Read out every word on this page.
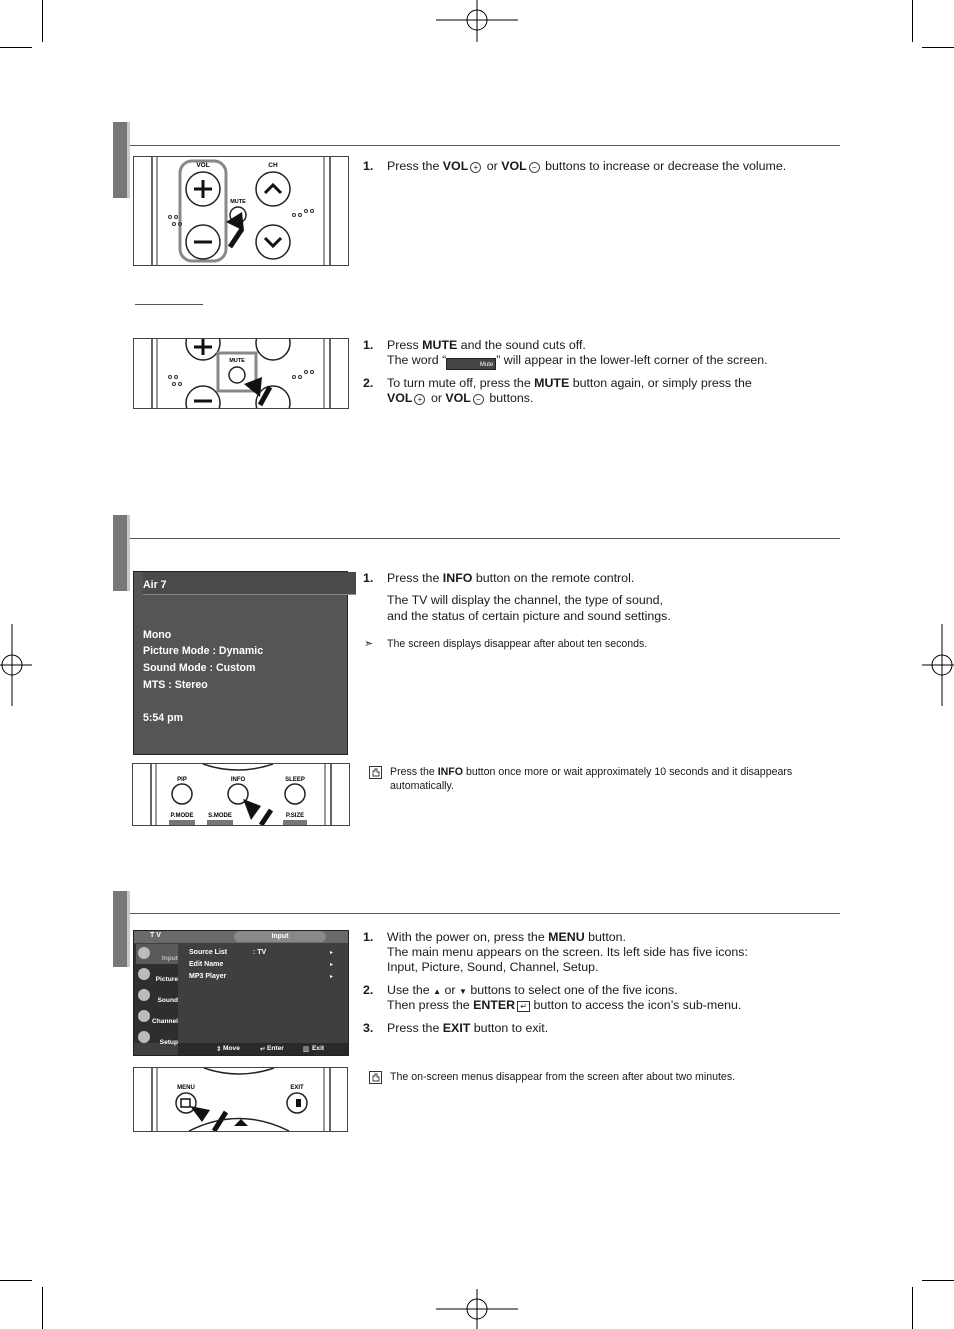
VOL	CH
MUTE
1. Press the VOL + or VOL − buttons to increase or decrease the volume.
MUTE
1. Press MUTE and the sound cuts off.
The word “	Mute ” will appear in the lower-left corner of the screen.
2. To turn mute off, press the MUTE button again, or simply press the
VOL + or VOL − buttons.
Air 7
Mono
Picture Mode : Dynamic
Sound Mode : Custom
MTS : Stereo
5:54 pm
PIP	INFO	SLEEP
P.MODE S.MODE	P.SIZE
1. Press the INFO button on the remote control.
The TV will display the channel, the type of sound,
and the status of certain picture and sound settings.
➣ The screen displays disappear after about ten seconds.
Press the INFO button once more or wait approximately 10 seconds and it disappears
automatically.
T V	Input
Input
Picture
Sound
Channel
Setup
Source List	: TV
Edit Name
MP3 Player
▸
▸
▸
⇕ Move	↵ Enter	▥ Exit
MENU	EXIT
1. With the power on, press the MENU button.
The main menu appears on the screen. Its left side has five icons:
Input, Picture, Sound, Channel, Setup.
2. Use the ▲ or ▼ buttons to select one of the five icons.
Then press the ENTER ↵ button to access the icon’s sub-menu.
3. Press the EXIT button to exit.
The on-screen menus disappear from the screen after about two minutes.
